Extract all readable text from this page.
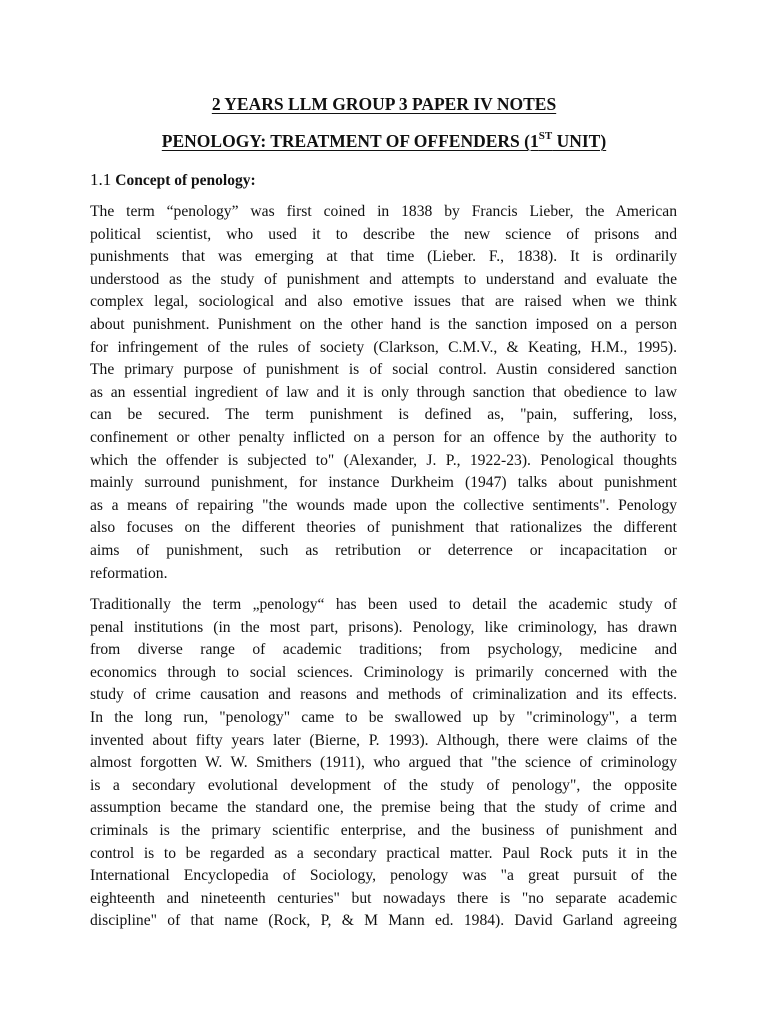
2 YEARS LLM GROUP 3 PAPER IV NOTES
PENOLOGY: TREATMENT OF OFFENDERS (1ST UNIT)
1.1 Concept of penology:
The term “penology” was first coined in 1838 by Francis Lieber, the American
political scientist, who used it to describe the new science of prisons and
punishments that was emerging at that time (Lieber. F., 1838). It is ordinarily
understood as the study of punishment and attempts to understand and evaluate the
complex legal, sociological and also emotive issues that are raised when we think
about punishment. Punishment on the other hand is the sanction imposed on a person
for infringement of the rules of society (Clarkson, C.M.V., & Keating, H.M., 1995).
The primary purpose of punishment is of social control. Austin considered sanction
as an essential ingredient of law and it is only through sanction that obedience to law
can be secured. The term punishment is defined as, "pain, suffering, loss,
confinement or other penalty inflicted on a person for an offence by the authority to
which the offender is subjected to" (Alexander, J. P., 1922-23). Penological thoughts
mainly surround punishment, for instance Durkheim (1947) talks about punishment
as a means of repairing "the wounds made upon the collective sentiments". Penology
also focuses on the different theories of punishment that rationalizes the different
aims of punishment, such as retribution or deterrence or incapacitation or
reformation.
Traditionally the term „penology“ has been used to detail the academic study of
penal institutions (in the most part, prisons). Penology, like criminology, has drawn
from diverse range of academic traditions; from psychology, medicine and
economics through to social sciences. Criminology is primarily concerned with the
study of crime causation and reasons and methods of criminalization and its effects.
In the long run, "penology" came to be swallowed up by "criminology", a term
invented about fifty years later (Bierne, P. 1993). Although, there were claims of the
almost forgotten W. W. Smithers (1911), who argued that "the science of criminology
is a secondary evolutional development of the study of penology", the opposite
assumption became the standard one, the premise being that the study of crime and
criminals is the primary scientific enterprise, and the business of punishment and
control is to be regarded as a secondary practical matter. Paul Rock puts it in the
International Encyclopedia of Sociology, penology was "a great pursuit of the
eighteenth and nineteenth centuries" but nowadays there is "no separate academic
discipline" of that name (Rock, P, & M Mann ed. 1984). David Garland agreeing
